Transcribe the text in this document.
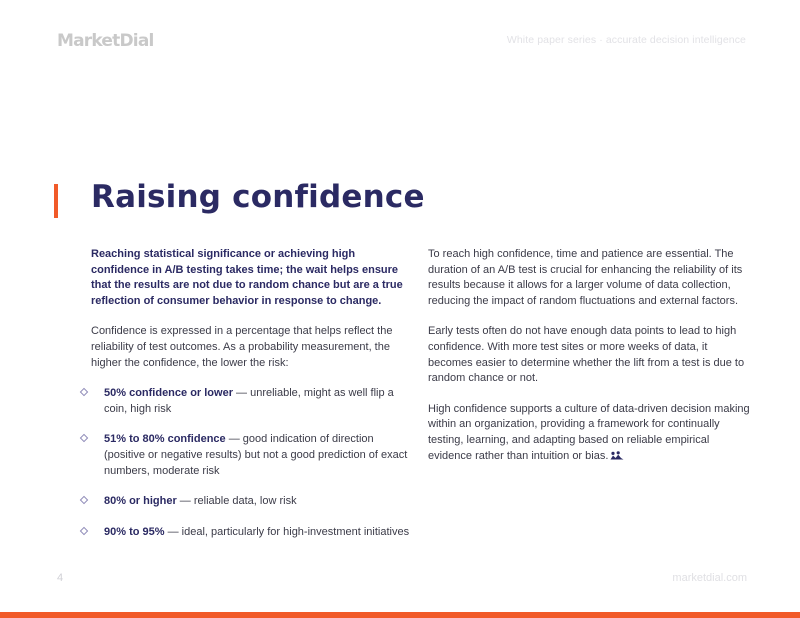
MarketDial	White paper series · accurate decision intelligence
Raising confidence

Reaching statistical significance or achieving high confidence in A/B testing takes time; the wait helps ensure that the results are not due to random chance but are a true reflection of consumer behavior in response to change.

Confidence is expressed in a percentage that helps reflect the reliability of test outcomes. As a probability measurement, the higher the confidence, the lower the risk:

50% confidence or lower — unreliable, might as well flip a coin, high risk
51% to 80% confidence — good indication of direction (positive or negative results) but not a good prediction of exact numbers, moderate risk
80% or higher — reliable data, low risk
90% to 95% — ideal, particularly for high-investment initiatives

To reach high confidence, time and patience are essential. The duration of an A/B test is crucial for enhancing the reliability of its results because it allows for a larger volume of data collection, reducing the impact of random fluctuations and external factors.

Early tests often do not have enough data points to lead to high confidence. With more test sites or more weeks of data, it becomes easier to determine whether the lift from a test is due to random chance or not.

High confidence supports a culture of data-driven decision making within an organization, providing a framework for continually testing, learning, and adapting based on reliable empirical evidence rather than intuition or bias.

4	marketdial.com
